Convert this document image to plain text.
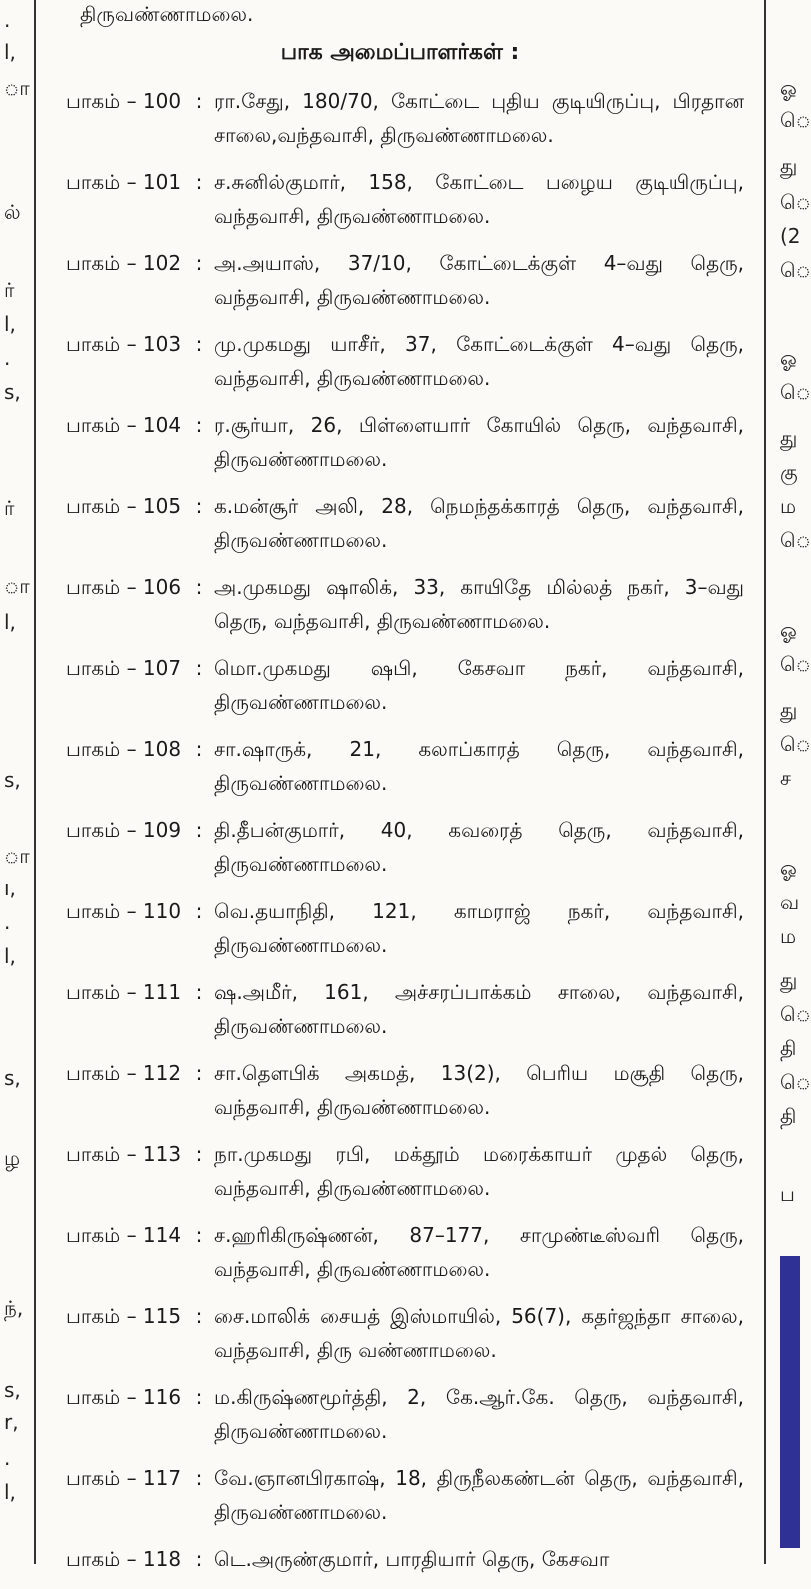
.
l,
ா
ல்
ர்
l,
.
s,
ர்
ா
l,
s,
ா
ı,
.
l,
s,
ழ
ந்,
s,
r,
.
l,
திருவண்ணாமலை.
பாக அமைப்பாளர்கள் :
பாகம் – 100 : ரா.சேது, 180/70, கோட்டை புதிய குடியிருப்பு, பிரதான சாலை,வந்தவாசி, திருவண்ணாமலை.
பாகம் – 101 : ச.சுனில்குமார், 158, கோட்டை பழைய குடியிருப்பு, வந்தவாசி, திருவண்ணாமலை.
பாகம் – 102 : அ.அயாஸ், 37/10, கோட்டைக்குள் 4–வது தெரு, வந்தவாசி, திருவண்ணாமலை.
பாகம் – 103 : மு.முகமது யாசீர், 37, கோட்டைக்குள் 4–வது தெரு, வந்தவாசி, திருவண்ணாமலை.
பாகம் – 104 : ர.சூர்யா, 26, பிள்ளையார் கோயில் தெரு, வந்தவாசி, திருவண்ணாமலை.
பாகம் – 105 : க.மன்சூர் அலி, 28, நெமந்தக்காரத் தெரு, வந்தவாசி, திருவண்ணாமலை.
பாகம் – 106 : அ.முகமது ஷாலிக், 33, காயிதே மில்லத் நகர், 3–வது தெரு, வந்தவாசி, திருவண்ணாமலை.
பாகம் – 107 : மொ.முகமது ஷபி, கேசவா நகர், வந்தவாசி, திருவண்ணாமலை.
பாகம் – 108 : சா.ஷாருக், 21, கலாப்காரத் தெரு, வந்தவாசி, திருவண்ணாமலை.
பாகம் – 109 : தி.தீபன்குமார், 40, கவரைத் தெரு, வந்தவாசி, திருவண்ணாமலை.
பாகம் – 110 : வெ.தயாநிதி, 121, காமராஜ் நகர், வந்தவாசி, திருவண்ணாமலை.
பாகம் – 111 : ஷ.அமீர், 161, அச்சரப்பாக்கம் சாலை, வந்தவாசி, திருவண்ணாமலை.
பாகம் – 112 : சா.தௌபிக் அகமத், 13(2), பெரிய மசூதி தெரு, வந்தவாசி, திருவண்ணாமலை.
பாகம் – 113 : நா.முகமது ரபி, மக்தூம் மரைக்காயர் முதல் தெரு, வந்தவாசி, திருவண்ணாமலை.
பாகம் – 114 : ச.ஹரிகிருஷ்ணன், 87–177, சாமுண்டீஸ்வரி தெரு, வந்தவாசி, திருவண்ணாமலை.
பாகம் – 115 : சை.மாலிக் சையத் இஸ்மாயில், 56(7), கதர்ஜந்தா சாலை, வந்தவாசி, திரு வண்ணாமலை.
பாகம் – 116 : ம.கிருஷ்ணமூர்த்தி, 2, கே.ஆர்.கே. தெரு, வந்தவாசி, திருவண்ணாமலை.
பாகம் – 117 : வே.ஞானபிரகாஷ், 18, திருநீலகண்டன் தெரு, வந்தவாசி, திருவண்ணாமலை.
பாகம் – 118 : டெ.அருண்குமார், பாரதியார் தெரு, கேசவா
ஓ
ெ
து
ெ
(2
ெ
ஓ
ெ
து
கு
ம
ெ
ஓ
ெ
து
ெ
ச
ஓ
வ
ம
து
ெ
தி
ெ
தி
ப
